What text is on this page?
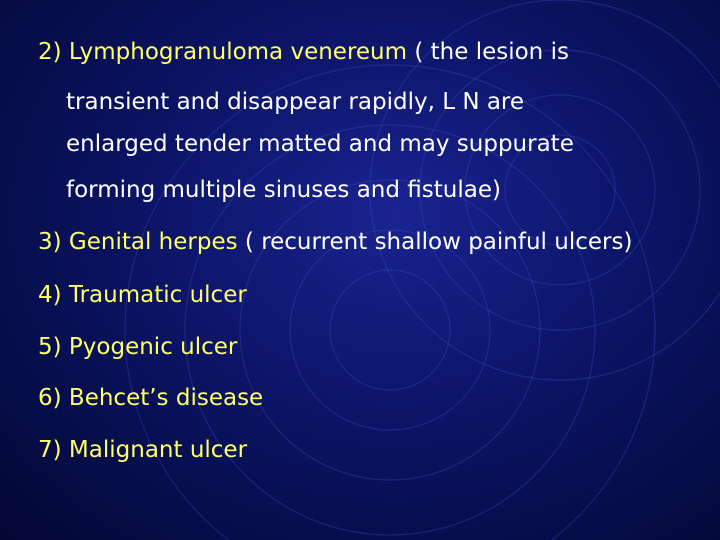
2) Lymphogranuloma venereum ( the lesion is
transient and disappear rapidly, L N are
enlarged tender matted and may suppurate
forming multiple sinuses and fistulae)
3) Genital herpes ( recurrent shallow painful ulcers)
4) Traumatic ulcer
5) Pyogenic ulcer
6) Behcet’s disease
7) Malignant ulcer
